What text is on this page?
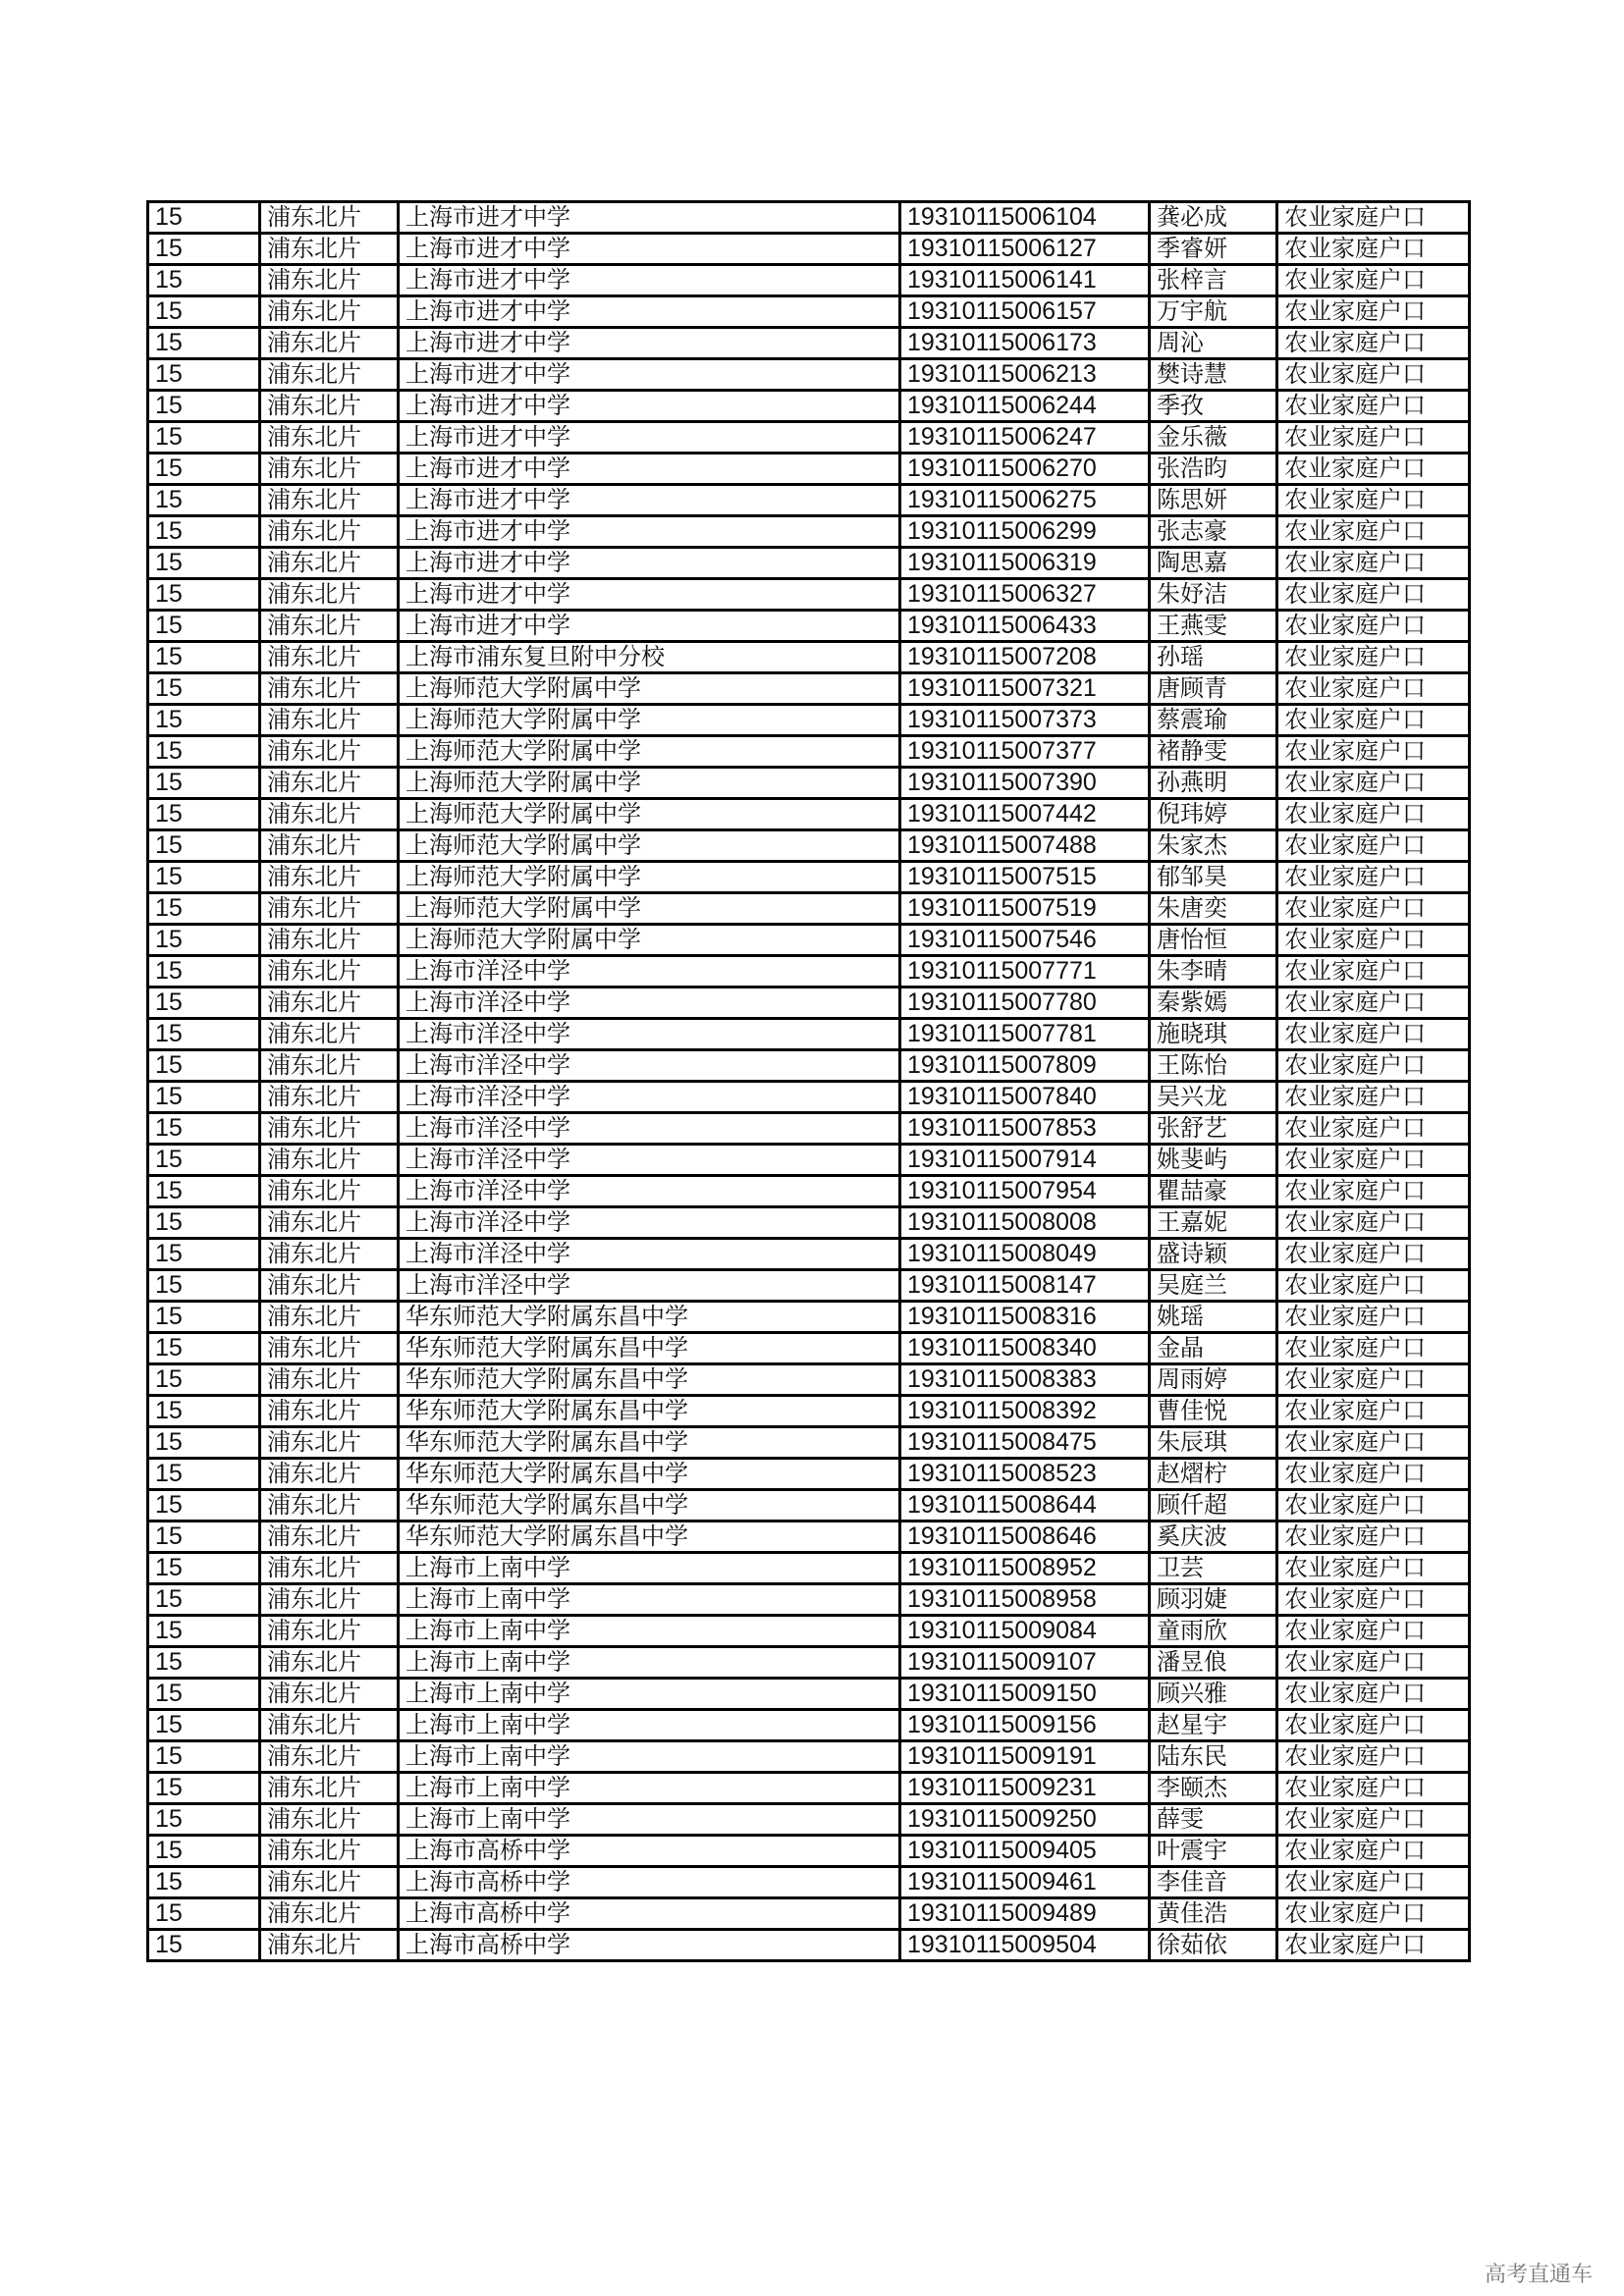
15	浦东北片	上海市进才中学	19310115006104	龚必成	农业家庭户口
15	浦东北片	上海市进才中学	19310115006127	季睿妍	农业家庭户口
15	浦东北片	上海市进才中学	19310115006141	张梓言	农业家庭户口
15	浦东北片	上海市进才中学	19310115006157	万宇航	农业家庭户口
15	浦东北片	上海市进才中学	19310115006173	周沁	农业家庭户口
15	浦东北片	上海市进才中学	19310115006213	樊诗慧	农业家庭户口
15	浦东北片	上海市进才中学	19310115006244	季孜	农业家庭户口
15	浦东北片	上海市进才中学	19310115006247	金乐薇	农业家庭户口
15	浦东北片	上海市进才中学	19310115006270	张浩昀	农业家庭户口
15	浦东北片	上海市进才中学	19310115006275	陈思妍	农业家庭户口
15	浦东北片	上海市进才中学	19310115006299	张志豪	农业家庭户口
15	浦东北片	上海市进才中学	19310115006319	陶思嘉	农业家庭户口
15	浦东北片	上海市进才中学	19310115006327	朱妤洁	农业家庭户口
15	浦东北片	上海市进才中学	19310115006433	王燕雯	农业家庭户口
15	浦东北片	上海市浦东复旦附中分校	19310115007208	孙瑶	农业家庭户口
15	浦东北片	上海师范大学附属中学	19310115007321	唐顾青	农业家庭户口
15	浦东北片	上海师范大学附属中学	19310115007373	蔡震瑜	农业家庭户口
15	浦东北片	上海师范大学附属中学	19310115007377	褚静雯	农业家庭户口
15	浦东北片	上海师范大学附属中学	19310115007390	孙燕明	农业家庭户口
15	浦东北片	上海师范大学附属中学	19310115007442	倪玮婷	农业家庭户口
15	浦东北片	上海师范大学附属中学	19310115007488	朱家杰	农业家庭户口
15	浦东北片	上海师范大学附属中学	19310115007515	郁邹昊	农业家庭户口
15	浦东北片	上海师范大学附属中学	19310115007519	朱唐奕	农业家庭户口
15	浦东北片	上海师范大学附属中学	19310115007546	唐怡恒	农业家庭户口
15	浦东北片	上海市洋泾中学	19310115007771	朱李晴	农业家庭户口
15	浦东北片	上海市洋泾中学	19310115007780	秦紫嫣	农业家庭户口
15	浦东北片	上海市洋泾中学	19310115007781	施晓琪	农业家庭户口
15	浦东北片	上海市洋泾中学	19310115007809	王陈怡	农业家庭户口
15	浦东北片	上海市洋泾中学	19310115007840	吴兴龙	农业家庭户口
15	浦东北片	上海市洋泾中学	19310115007853	张舒艺	农业家庭户口
15	浦东北片	上海市洋泾中学	19310115007914	姚斐屿	农业家庭户口
15	浦东北片	上海市洋泾中学	19310115007954	瞿喆豪	农业家庭户口
15	浦东北片	上海市洋泾中学	19310115008008	王嘉妮	农业家庭户口
15	浦东北片	上海市洋泾中学	19310115008049	盛诗颖	农业家庭户口
15	浦东北片	上海市洋泾中学	19310115008147	吴庭兰	农业家庭户口
15	浦东北片	华东师范大学附属东昌中学	19310115008316	姚瑶	农业家庭户口
15	浦东北片	华东师范大学附属东昌中学	19310115008340	金晶	农业家庭户口
15	浦东北片	华东师范大学附属东昌中学	19310115008383	周雨婷	农业家庭户口
15	浦东北片	华东师范大学附属东昌中学	19310115008392	曹佳悦	农业家庭户口
15	浦东北片	华东师范大学附属东昌中学	19310115008475	朱辰琪	农业家庭户口
15	浦东北片	华东师范大学附属东昌中学	19310115008523	赵熠柠	农业家庭户口
15	浦东北片	华东师范大学附属东昌中学	19310115008644	顾仟超	农业家庭户口
15	浦东北片	华东师范大学附属东昌中学	19310115008646	奚庆波	农业家庭户口
15	浦东北片	上海市上南中学	19310115008952	卫芸	农业家庭户口
15	浦东北片	上海市上南中学	19310115008958	顾羽婕	农业家庭户口
15	浦东北片	上海市上南中学	19310115009084	童雨欣	农业家庭户口
15	浦东北片	上海市上南中学	19310115009107	潘昱俍	农业家庭户口
15	浦东北片	上海市上南中学	19310115009150	顾兴雅	农业家庭户口
15	浦东北片	上海市上南中学	19310115009156	赵星宇	农业家庭户口
15	浦东北片	上海市上南中学	19310115009191	陆东民	农业家庭户口
15	浦东北片	上海市上南中学	19310115009231	李颐杰	农业家庭户口
15	浦东北片	上海市上南中学	19310115009250	薛雯	农业家庭户口
15	浦东北片	上海市高桥中学	19310115009405	叶震宇	农业家庭户口
15	浦东北片	上海市高桥中学	19310115009461	李佳音	农业家庭户口
15	浦东北片	上海市高桥中学	19310115009489	黄佳浩	农业家庭户口
15	浦东北片	上海市高桥中学	19310115009504	徐茹依	农业家庭户口
高考直通车
